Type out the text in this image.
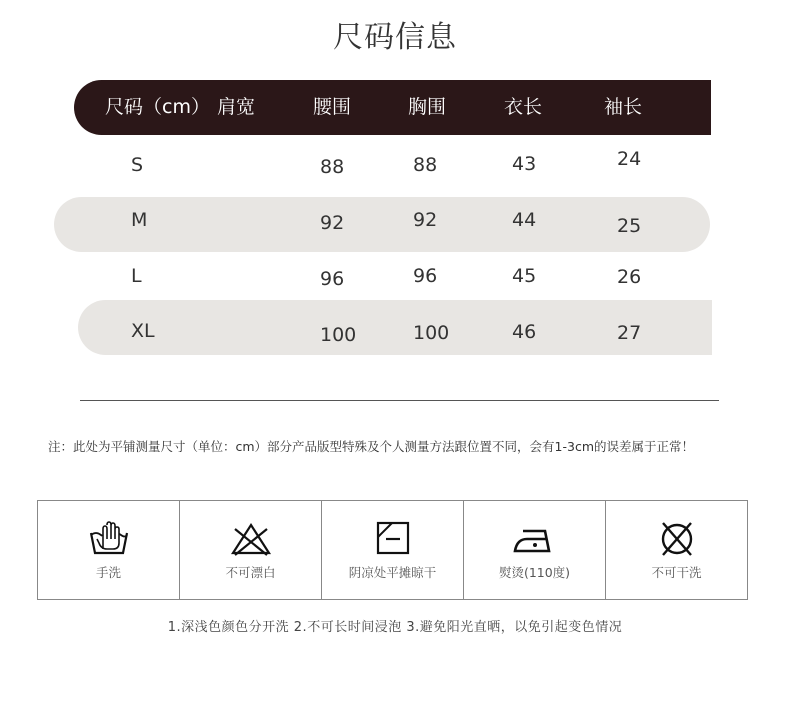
尺码信息
尺码（cm） 肩宽	腰围	胸围	衣长	袖长
S	88	88	43	24
M	92	92	44	25
L	96	96	45	26
XL	100	100	46	27
注：此处为平铺测量尺寸（单位：cm）部分产品版型特殊及个人测量方法跟位置不同，会有1-3cm的误差属于正常！
手洗	不可漂白	阴凉处平摊晾干	熨烫(110度)	不可干洗
1.深浅色颜色分开洗 2.不可长时间浸泡 3.避免阳光直晒，以免引起变色情况
